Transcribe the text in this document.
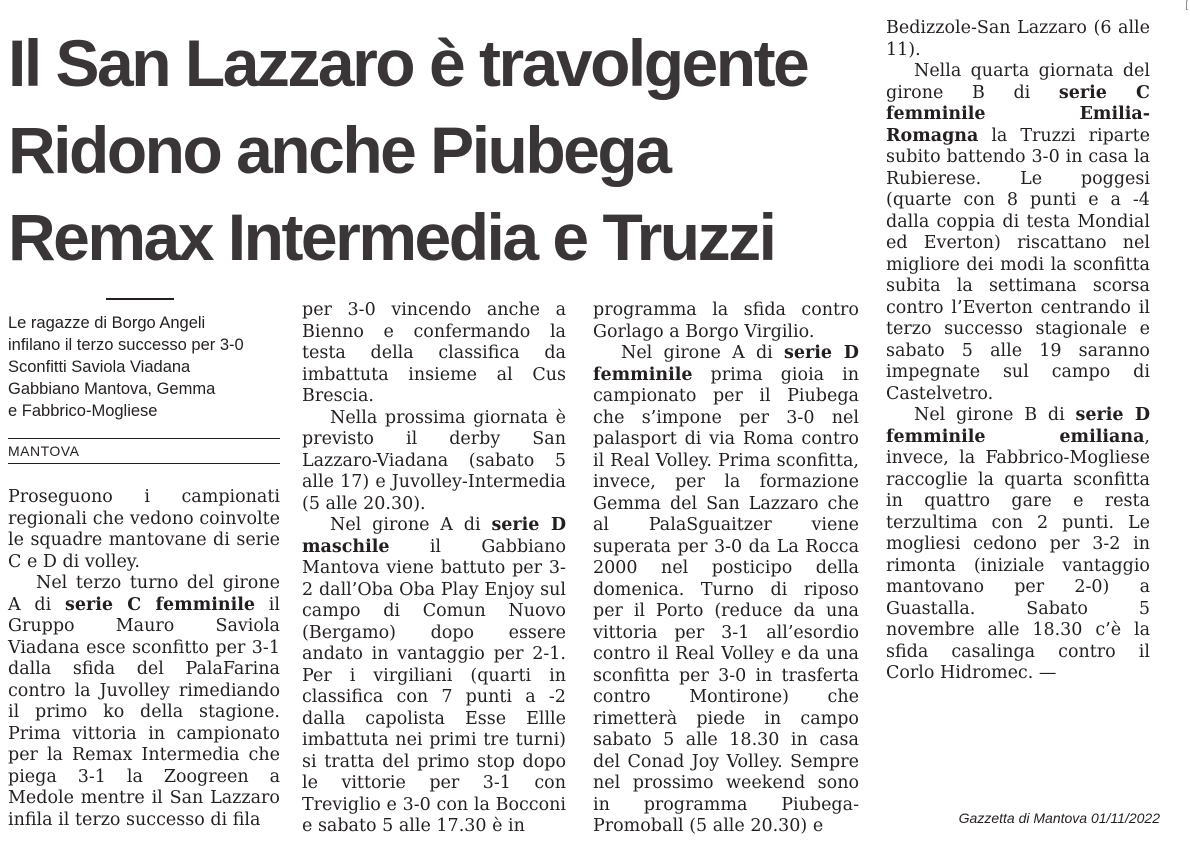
Il San Lazzaro è travolgente
Ridono anche Piubega
Remax Intermedia e Truzzi
Le ragazze di Borgo Angeli
infilano il terzo successo per 3-0
Sconfitti Saviola Viadana
Gabbiano Mantova, Gemma
e Fabbrico-Mogliese
MANTOVA

Proseguono i campionati regionali che vedono coinvolte le squadre mantovane di serie C e D di volley.

Nel terzo turno del girone A di serie C femminile il Gruppo Mauro Saviola Viadana esce sconfitto per 3-1 dalla sfida del PalaFarina contro la Juvolley rimediando il primo ko della stagione. Prima vittoria in campionato per la Remax Intermedia che piega 3-1 la Zoogreen a Medole mentre il San Lazzaro infila il terzo successo di fila

per 3-0 vincendo anche a Bienno e confermando la testa della classifica da imbattuta insieme al Cus Brescia.

Nella prossima giornata è previsto il derby San Lazzaro-Viadana (sabato 5 alle 17) e Juvolley-Intermedia (5 alle 20.30).

Nel girone A di serie D maschile il Gabbiano Mantova viene battuto per 3-2 dall’Oba Oba Play Enjoy sul campo di Comun Nuovo (Bergamo) dopo essere andato in vantaggio per 2-1. Per i virgiliani (quarti in classifica con 7 punti a -2 dalla capolista Esse Ellle imbattuta nei primi tre turni) si tratta del primo stop dopo le vittorie per 3-1 con Treviglio e 3-0 con la Bocconi e sabato 5 alle 17.30 è in

programma la sfida contro Gorlago a Borgo Virgilio.

Nel girone A di serie D femminile prima gioia in campionato per il Piubega che s’impone per 3-0 nel palasport di via Roma contro il Real Volley. Prima sconfitta, invece, per la formazione Gemma del San Lazzaro che al PalaSguaitzer viene superata per 3-0 da La Rocca 2000 nel posticipo della domenica. Turno di riposo per il Porto (reduce da una vittoria per 3-1 all’esordio contro il Real Volley e da una sconfitta per 3-0 in trasferta contro Montirone) che rimetterà piede in campo sabato 5 alle 18.30 in casa del Conad Joy Volley. Sempre nel prossimo weekend sono in programma Piubega-Promoball (5 alle 20.30) e

Bedizzole-San Lazzaro (6 alle 11).

Nella quarta giornata del girone B di serie C femminile	Emilia-Romagna la Truzzi riparte subito battendo 3-0 in casa la Rubierese. Le poggesi (quarte con 8 punti e a -4 dalla coppia di testa Mondial ed Everton) riscattano nel migliore dei modi la sconfitta subita la settimana scorsa contro l’Everton centrando il terzo successo stagionale e sabato 5 alle 19 saranno impegnate sul campo di Castelvetro.

Nel girone B di serie D femminile	emiliana, invece, la Fabbrico-Mogliese raccoglie la quarta sconfitta in quattro gare e resta terzultima con 2 punti. Le mogliesi cedono per 3-2 in rimonta (iniziale vantaggio mantovano per 2-0) a Guastalla.	Sabato	5 novembre alle 18.30 c’è la sfida casalinga contro il Corlo Hidromec. —

Gazzetta di Mantova 01/11/2022
[
